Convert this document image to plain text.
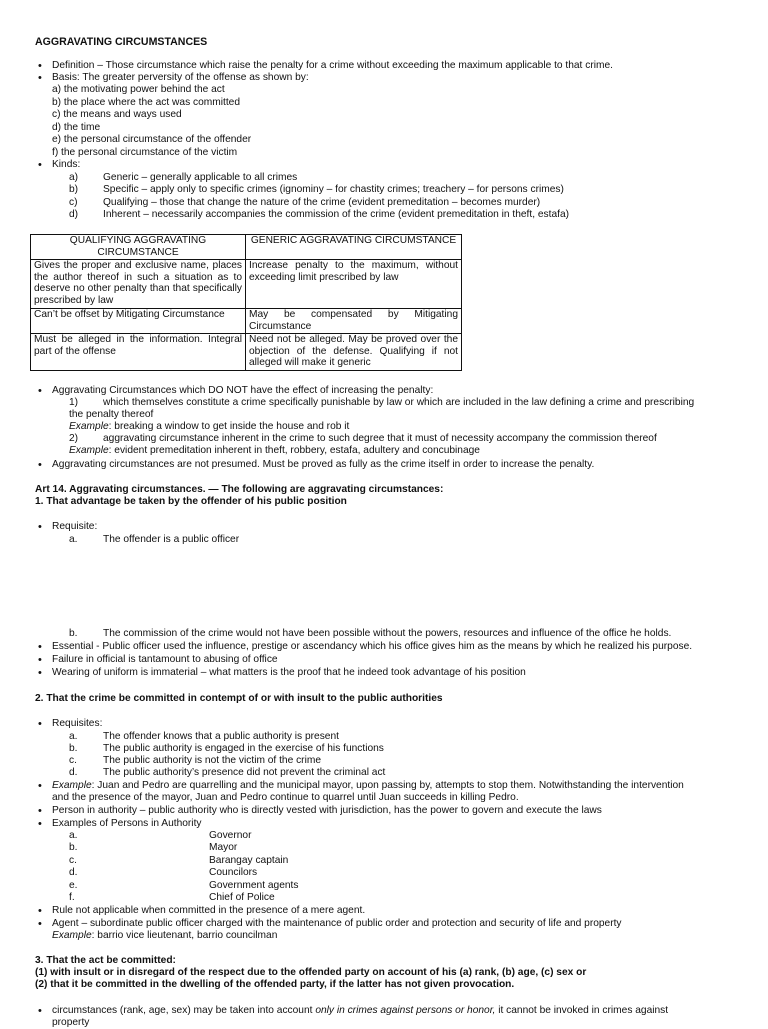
AGGRAVATING CIRCUMSTANCES
• Definition – Those circumstance which raise the penalty for a crime without exceeding the maximum applicable to that crime.
• Basis: The greater perversity of the offense as shown by:
a) the motivating power behind the act
b) the place where the act was committed
c) the means and ways used
d) the time
e) the personal circumstance of the offender
f) the personal circumstance of the victim
• Kinds:
a) Generic – generally applicable to all crimes
b) Specific – apply only to specific crimes (ignominy – for chastity crimes; treachery – for persons crimes)
c)	Qualifying – those that change the nature of the crime (evident premeditation – becomes murder)
d) Inherent – necessarily accompanies the commission of the crime (evident premeditation in theft, estafa)
QUALIFYING AGGRAVATING CIRCUMSTANCE	GENERIC AGGRAVATING CIRCUMSTANCE
Gives the proper and exclusive name, places the author thereof in such a situation as to deserve no other penalty than that specifically prescribed by law	Increase penalty to the maximum, without exceeding limit prescribed by law
Can’t be offset by Mitigating Circumstance	May be compensated by Mitigating Circumstance
Must be alleged in the information. Integral part of the offense	Need not be alleged. May be proved over the objection of the defense. Qualifying if not alleged will make it generic
• Aggravating Circumstances which DO NOT have the effect of increasing the penalty:
1) which themselves constitute a crime specifically punishable by law or which are included in the law defining a crime and prescribing
the penalty thereof
Example: breaking a window to get inside the house and rob it
2) aggravating circumstance inherent in the crime to such degree that it must of necessity accompany the commission thereof
Example: evident premeditation inherent in theft, robbery, estafa, adultery and concubinage
• Aggravating circumstances are not presumed. Must be proved as fully as the crime itself in order to increase the penalty.
Art 14. Aggravating circumstances. — The following are aggravating circumstances:
1. That advantage be taken by the offender of his public position
• Requisite:
a.	The offender is a public officer
b.	The commission of the crime would not have been possible without the powers, resources and influence of the office he holds.
• Essential - Public officer used the influence, prestige or ascendancy which his office gives him as the means by which he realized his purpose.
• Failure in official is tantamount to abusing of office
• Wearing of uniform is immaterial – what matters is the proof that he indeed took advantage of his position
2. That the crime be committed in contempt of or with insult to the public authorities
• Requisites:
a.	The offender knows that a public authority is present
b.	The public authority is engaged in the exercise of his functions
c.	The public authority is not the victim of the crime
d.	The public authority’s presence did not prevent the criminal act
• Example: Juan and Pedro are quarrelling and the municipal mayor, upon passing by, attempts to stop them. Notwithstanding the intervention
and the presence of the mayor, Juan and Pedro continue to quarrel until Juan succeeds in killing Pedro.
• Person in authority – public authority who is directly vested with jurisdiction, has the power to govern and execute the laws
• Examples of Persons in Authority
a.	Governor
b.	Mayor
c.	Barangay captain
d.	Councilors
e.	Government agents
f.	Chief of Police
• Rule not applicable when committed in the presence of a mere agent.
• Agent – subordinate public officer charged with the maintenance of public order and protection and security of life and property
Example: barrio vice lieutenant, barrio councilman
3. That the act be committed:
(1) with insult or in disregard of the respect due to the offended party on account of his (a) rank, (b) age, (c) sex or
(2) that it be committed in the dwelling of the offended party, if the latter has not given provocation.
• circumstances (rank, age, sex) may be taken into account only in crimes against persons or honor, it cannot be invoked in crimes against
property
